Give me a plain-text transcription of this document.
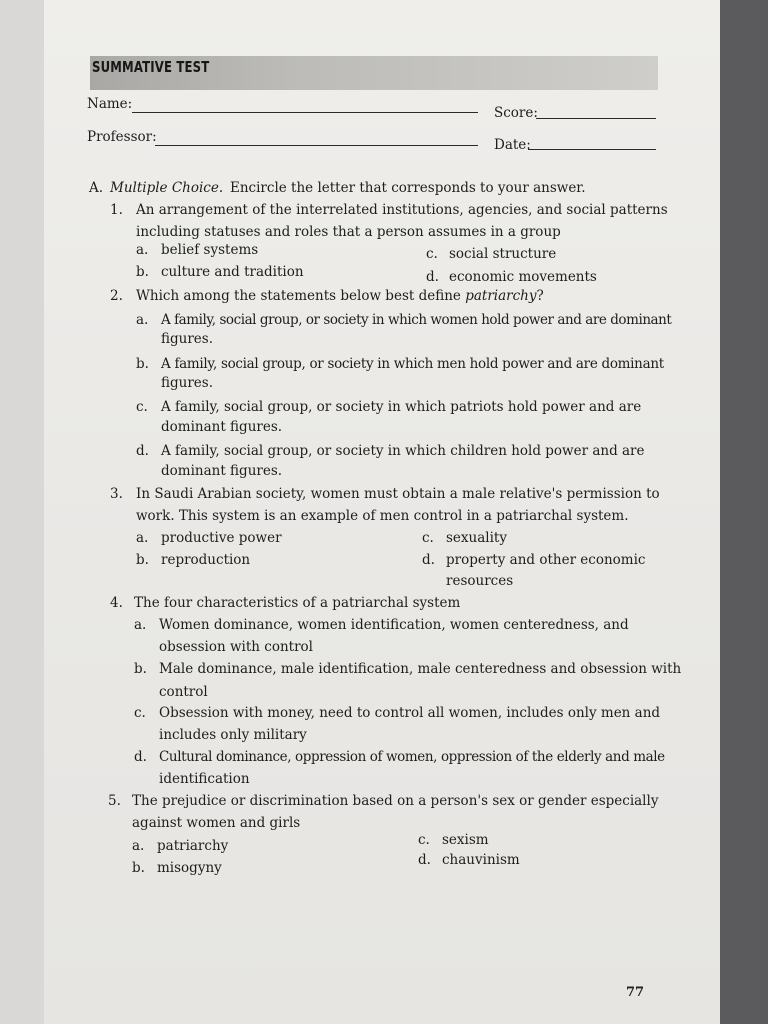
SUMMATIVE TEST
Name:
Score:
Professor:	Date:
A. Multiple Choice. Encircle the letter that corresponds to your answer.
1. An arrangement of the interrelated institutions, agencies, and social patterns
including statuses and roles that a person assumes in a group
a. belief systems
b. culture and tradition
c. social structure
d. economic movements
2. Which among the statements below best define patriarchy?
a. A family, social group, or society in which women hold power and are dominant
figures.
b. A family, social group, or society in which men hold power and are dominant
figures.
c. A family, social group, or society in which patriots hold power and are
dominant figures.
d. A family, social group, or society in which children hold power and are
dominant figures.
3. In Saudi Arabian society, women must obtain a male relative's permission to
work. This system is an example of men control in a patriarchal system.
a. productive power
b. reproduction
c. sexuality
d. property and other economic
resources
4. The four characteristics of a patriarchal system
a. Women dominance, women identification, women centeredness, and
obsession with control
b. Male dominance, male identification, male centeredness and obsession with
control
c. Obsession with money, need to control all women, includes only men and
includes only military
d. Cultural dominance, oppression of women, oppression of the elderly and male
identification
5. The prejudice or discrimination based on a person's sex or gender especially
against women and girls
a. patriarchy
b. misogyny
c. sexism
d. chauvinism
77
